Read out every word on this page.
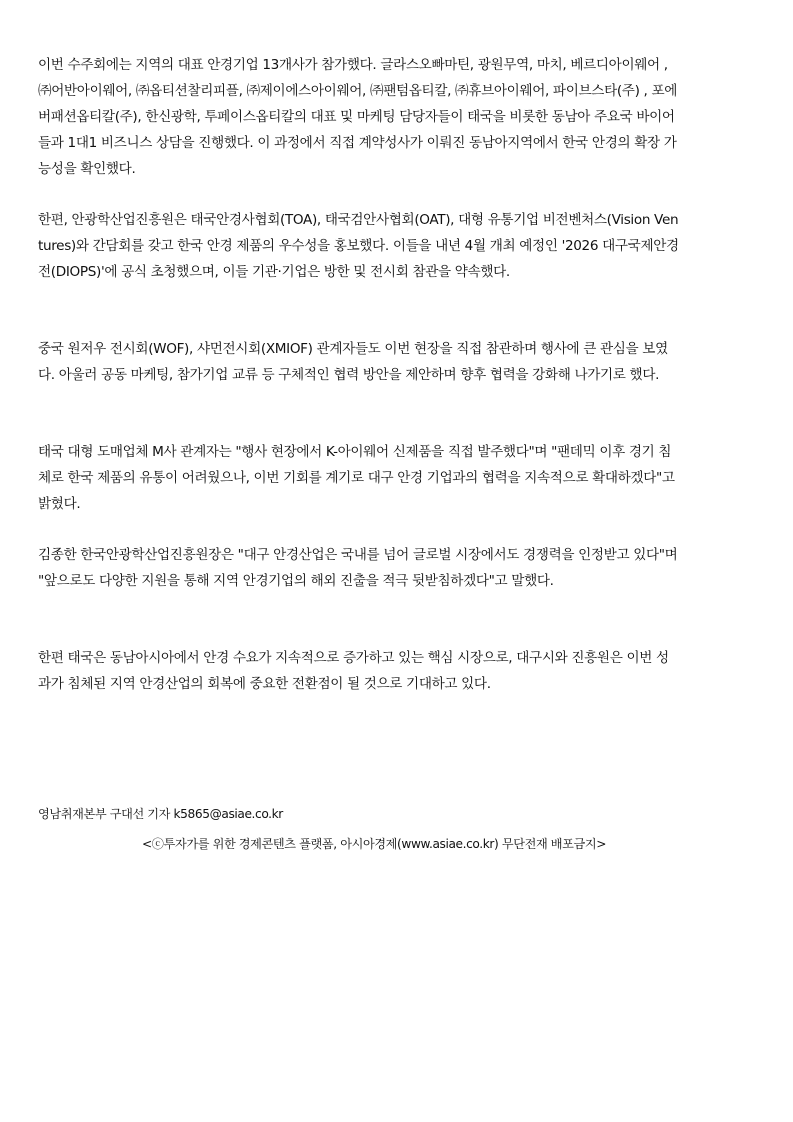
이번 수주회에는 지역의 대표 안경기업 13개사가 참가했다. 글라스오빠마틴, 광원무역, 마치, 베르디아이웨어 ,
㈜어반아이웨어, ㈜옵티션찰리피플, ㈜제이에스아이웨어, ㈜팬텀옵티칼, ㈜휴브아이웨어, 파이브스타(주) , 포에
버패션옵티칼(주), 한신광학, 투페이스옵티칼의 대표 및 마케팅 담당자들이 태국을 비롯한 동남아 주요국 바이어
들과 1대1 비즈니스 상담을 진행했다. 이 과정에서 직접 계약성사가 이뤄진 동남아지역에서 한국 안경의 확장 가
능성을 확인했다.

한편, 안광학산업진흥원은 태국안경사협회(TOA), 태국검안사협회(OAT), 대형 유통기업 비전벤처스(Vision Ven
tures)와 간담회를 갖고 한국 안경 제품의 우수성을 홍보했다. 이들을 내년 4월 개최 예정인 '2026 대구국제안경
전(DIOPS)'에 공식 초청했으며, 이들 기관·기업은 방한 및 전시회 참관을 약속했다.

중국 원저우 전시회(WOF), 샤먼전시회(XMIOF) 관계자들도 이번 현장을 직접 참관하며 행사에 큰 관심을 보였
다. 아울러 공동 마케팅, 참가기업 교류 등 구체적인 협력 방안을 제안하며 향후 협력을 강화해 나가기로 했다.

태국 대형 도매업체 M사 관계자는 "행사 현장에서 K-아이웨어 신제품을 직접 발주했다"며 "팬데믹 이후 경기 침
체로 한국 제품의 유통이 어려웠으나, 이번 기회를 계기로 대구 안경 기업과의 협력을 지속적으로 확대하겠다"고
밝혔다.

김종한 한국안광학산업진흥원장은 "대구 안경산업은 국내를 넘어 글로벌 시장에서도 경쟁력을 인정받고 있다"며
"앞으로도 다양한 지원을 통해 지역 안경기업의 해외 진출을 적극 뒷받침하겠다"고 말했다.

한편 태국은 동남아시아에서 안경 수요가 지속적으로 증가하고 있는 핵심 시장으로, 대구시와 진흥원은 이번 성
과가 침체된 지역 안경산업의 회복에 중요한 전환점이 될 것으로 기대하고 있다.

영남취재본부 구대선 기자 k5865@asiae.co.kr

<ⓒ투자가를 위한 경제콘텐츠 플랫폼, 아시아경제(www.asiae.co.kr) 무단전재 배포금지>
